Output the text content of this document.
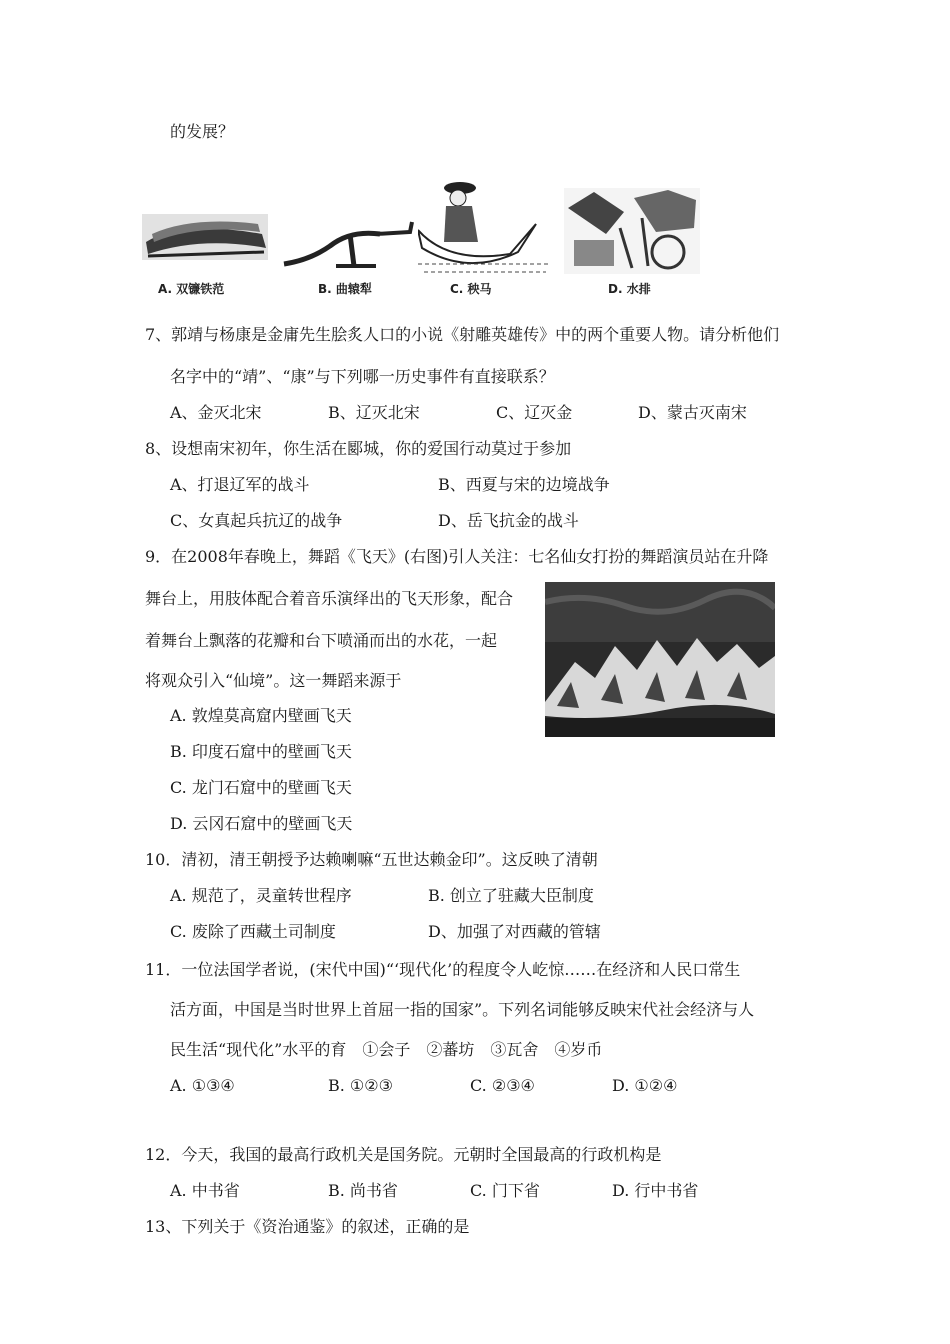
的发展？
A. 双镰铁范	B. 曲辕犁	C. 秧马	D. 水排
7、郭靖与杨康是金庸先生脍炙人口的小说《射雕英雄传》中的两个重要人物。请分析他们
名字中的“靖”、“康”与下列哪一历史事件有直接联系？
A、金灭北宋	B、辽灭北宋	C、辽灭金	D、蒙古灭南宋
8、设想南宋初年，你生活在郾城，你的爱国行动莫过于参加
A、打退辽军的战斗	B、西夏与宋的边境战争
C、女真起兵抗辽的战争	D、岳飞抗金的战斗
9．在2008年春晚上，舞蹈《飞天》(右图)引人关注：七名仙女打扮的舞蹈演员站在升降
舞台上，用肢体配合着音乐演绎出的飞天形象，配合
着舞台上飘落的花瓣和台下喷涌而出的水花，一起
将观众引入“仙境”。这一舞蹈来源于
A. 敦煌莫高窟内壁画飞天
B. 印度石窟中的壁画飞天
C. 龙门石窟中的壁画飞天
D. 云冈石窟中的壁画飞天
10．清初，清王朝授予达赖喇嘛“五世达赖金印”。这反映了清朝
A. 规范了，灵童转世程序	B. 创立了驻藏大臣制度
C. 废除了西藏土司制度	D、加强了对西藏的管辖
11．一位法国学者说，(宋代中国)“‘现代化’的程度令人屹惊……在经济和人民口常生
活方面，中国是当时世界上首屈一指的国家”。下列名词能够反映宋代社会经济与人
民生活“现代化”水平的育　①会子　②蕃坊　③瓦舍　④岁币
A. ①③④	B. ①②③	C. ②③④	D. ①②④
12．今天，我国的最高行政机关是国务院。元朝时全国最高的行政机构是
A. 中书省	B. 尚书省	C. 门下省	D. 行中书省
13、下列关于《资治通鉴》的叙述，正确的是
